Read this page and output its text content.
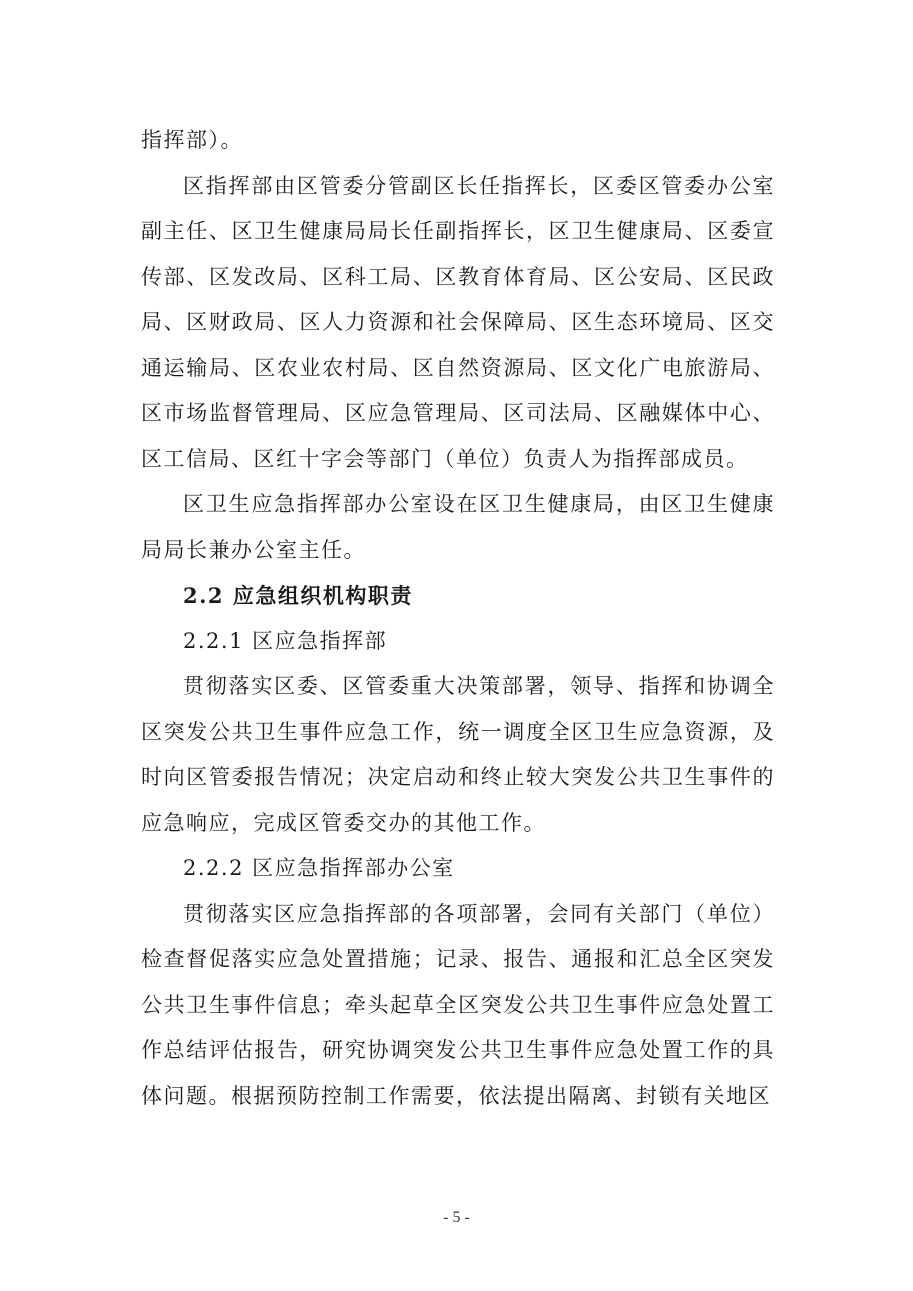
指挥部）。

区指挥部由区管委分管副区长任指挥长，区委区管委办公室副主任、区卫生健康局局长任副指挥长，区卫生健康局、区委宣传部、区发改局、区科工局、区教育体育局、区公安局、区民政局、区财政局、区人力资源和社会保障局、区生态环境局、区交通运输局、区农业农村局、区自然资源局、区文化广电旅游局、区市场监督管理局、区应急管理局、区司法局、区融媒体中心、区工信局、区红十字会等部门（单位）负责人为指挥部成员。

区卫生应急指挥部办公室设在区卫生健康局，由区卫生健康局局长兼办公室主任。

2.2 应急组织机构职责

2.2.1 区应急指挥部

贯彻落实区委、区管委重大决策部署，领导、指挥和协调全区突发公共卫生事件应急工作，统一调度全区卫生应急资源，及时向区管委报告情况；决定启动和终止较大突发公共卫生事件的应急响应，完成区管委交办的其他工作。

2.2.2 区应急指挥部办公室

贯彻落实区应急指挥部的各项部署，会同有关部门（单位）检查督促落实应急处置措施；记录、报告、通报和汇总全区突发公共卫生事件信息；牵头起草全区突发公共卫生事件应急处置工作总结评估报告，研究协调突发公共卫生事件应急处置工作的具体问题。根据预防控制工作需要，依法提出隔离、封锁有关地区

- 5 -
